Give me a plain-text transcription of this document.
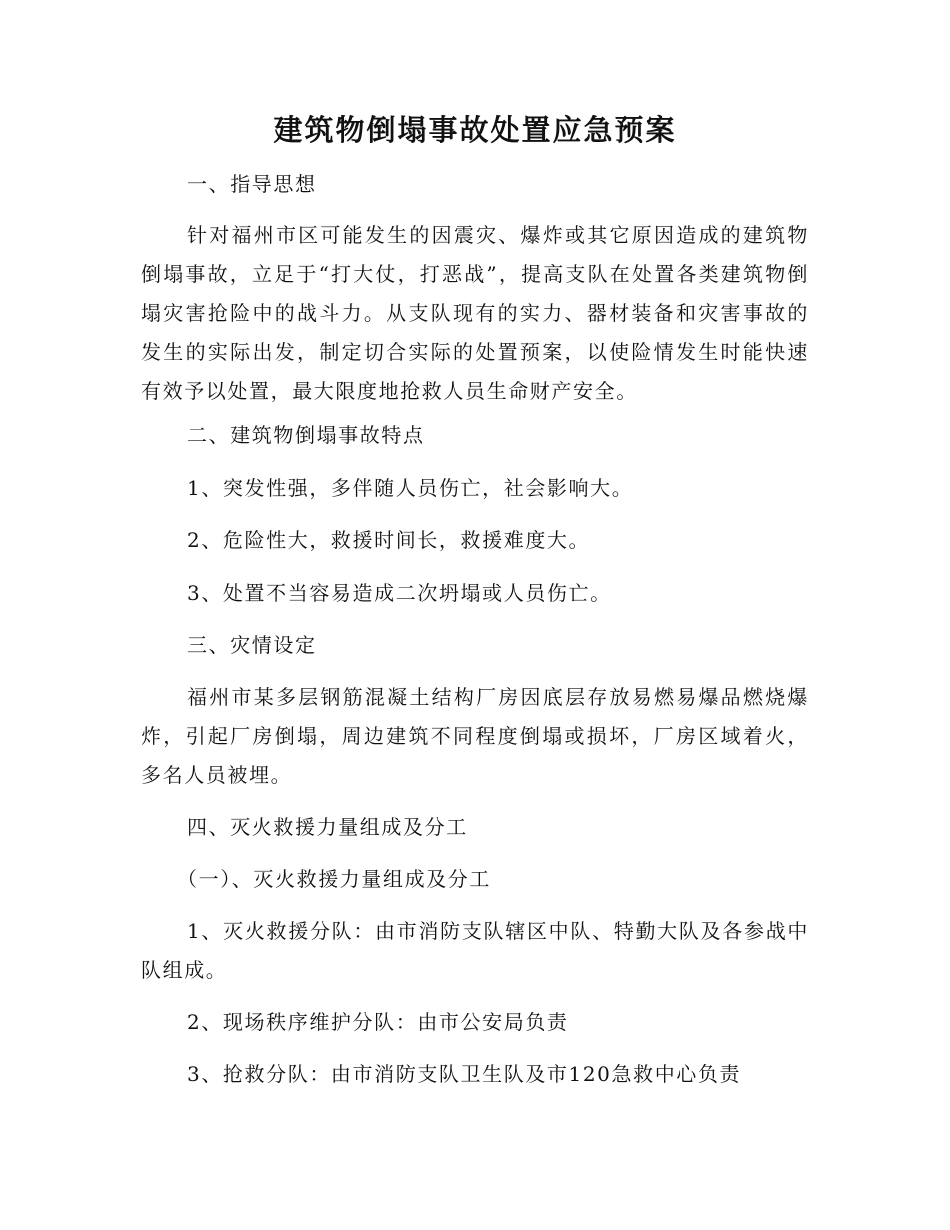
建筑物倒塌事故处置应急预案

一、指导思想

针对福州市区可能发生的因震灾、爆炸或其它原因造成的建筑物倒塌事故，立足于“打大仗，打恶战”，提高支队在处置各类建筑物倒塌灾害抢险中的战斗力。从支队现有的实力、器材装备和灾害事故的发生的实际出发，制定切合实际的处置预案，以使险情发生时能快速有效予以处置，最大限度地抢救人员生命财产安全。

二、建筑物倒塌事故特点

1、突发性强，多伴随人员伤亡，社会影响大。

2、危险性大，救援时间长，救援难度大。

3、处置不当容易造成二次坍塌或人员伤亡。

三、灾情设定

福州市某多层钢筋混凝土结构厂房因底层存放易燃易爆品燃烧爆炸，引起厂房倒塌，周边建筑不同程度倒塌或损坏，厂房区域着火，多名人员被埋。

四、灭火救援力量组成及分工

（一）、灭火救援力量组成及分工

1、灭火救援分队：由市消防支队辖区中队、特勤大队及各参战中队组成。

2、现场秩序维护分队：由市公安局负责

3、抢救分队：由市消防支队卫生队及市120急救中心负责
